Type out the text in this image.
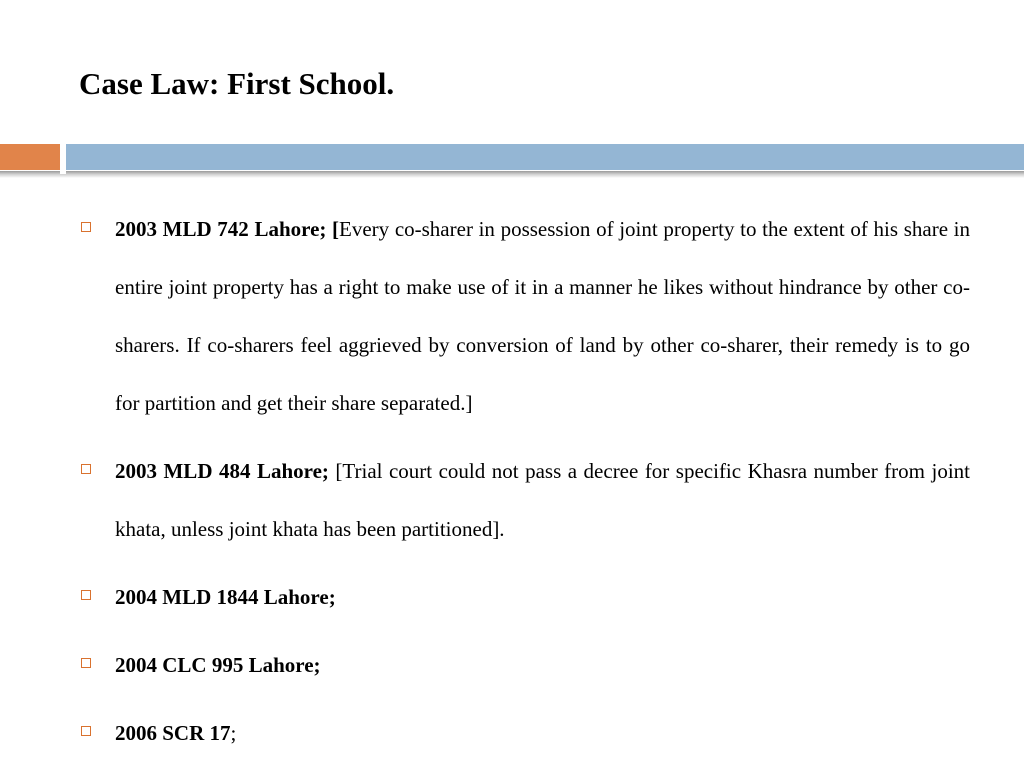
Case Law: First School.
2003 MLD 742 Lahore; [Every co-sharer in possession of joint property to the extent of his share in entire joint property has a right to make use of it in a manner he likes without hindrance by other co-sharers. If co-sharers feel aggrieved by conversion of land by other co-sharer, their remedy is to go for partition and get their share separated.]
2003 MLD 484 Lahore; [Trial court could not pass a decree for specific Khasra number from joint khata, unless joint khata has been partitioned].
2004 MLD 1844 Lahore;
2004 CLC 995 Lahore;
2006 SCR 17;
